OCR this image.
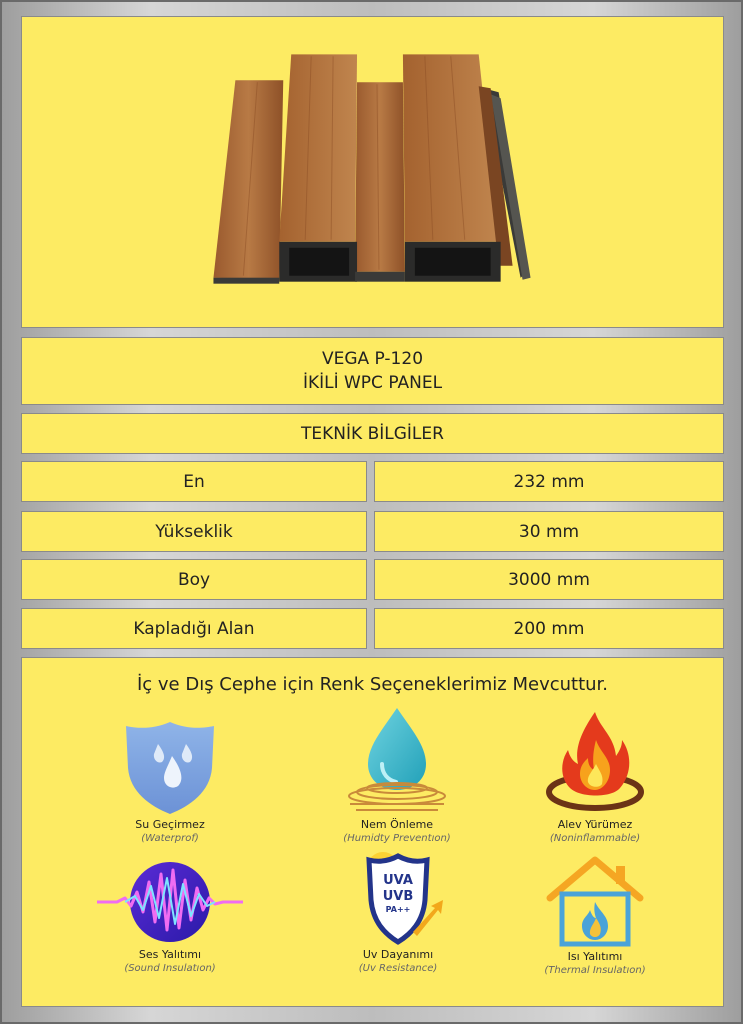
VEGA P-120
İKİLİ WPC PANEL
TEKNİK BİLGİLER
En	232 mm
Yükseklik	30 mm
Boy	3000 mm
Kapladığı Alan	200 mm
İç ve Dış Cephe için Renk Seçeneklerimiz Mevcuttur.
Su Geçirmez
(Waterprof)
Nem Önleme
(Humidty Preventıon)
Alev Yürümez
(Noninflammable)
Ses Yalıtımı
(Sound Insulatıon)
UVA
UVB
PA++
Uv Dayanımı
(Uv Resistance)
Isı Yalıtımı
(Thermal Insulatıon)
